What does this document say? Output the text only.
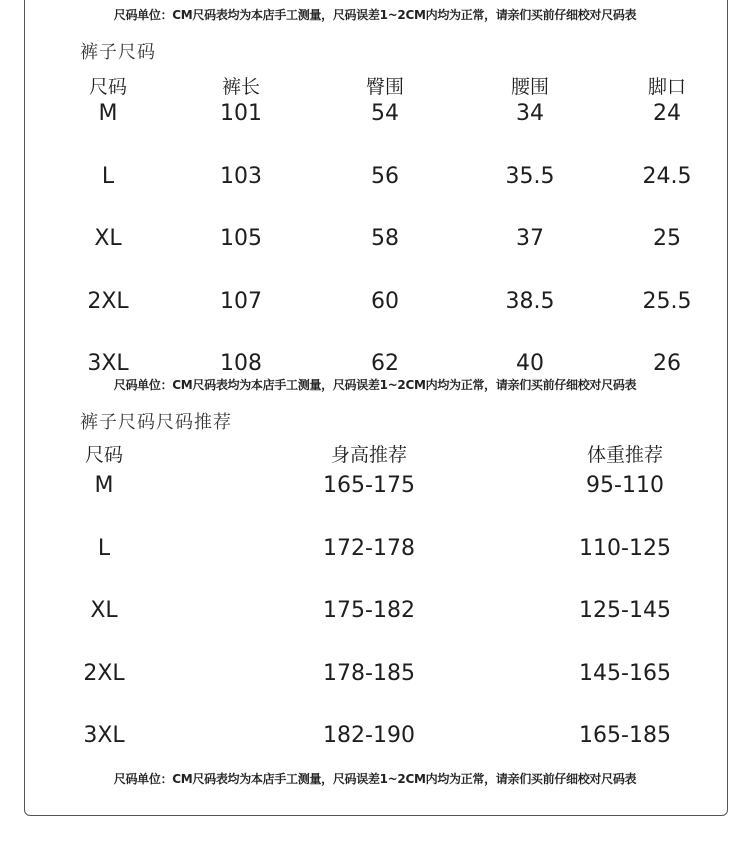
尺码单位：CM尺码表均为本店手工测量，尺码误差1~2CM内均为正常，请亲们买前仔细校对尺码表
裤子尺码
尺码	裤长	臀围	腰围	脚口
M	101	54	34	24
L	103	56	35.5	24.5
XL	105	58	37	25
2XL	107	60	38.5	25.5
3XL	108	62	40	26
尺码单位：CM尺码表均为本店手工测量，尺码误差1~2CM内均为正常，请亲们买前仔细校对尺码表
裤子尺码尺码推荐
尺码	身高推荐	体重推荐
M	165-175	95-110
L	172-178	110-125
XL	175-182	125-145
2XL	178-185	145-165
3XL	182-190	165-185
尺码单位：CM尺码表均为本店手工测量，尺码误差1~2CM内均为正常，请亲们买前仔细校对尺码表
